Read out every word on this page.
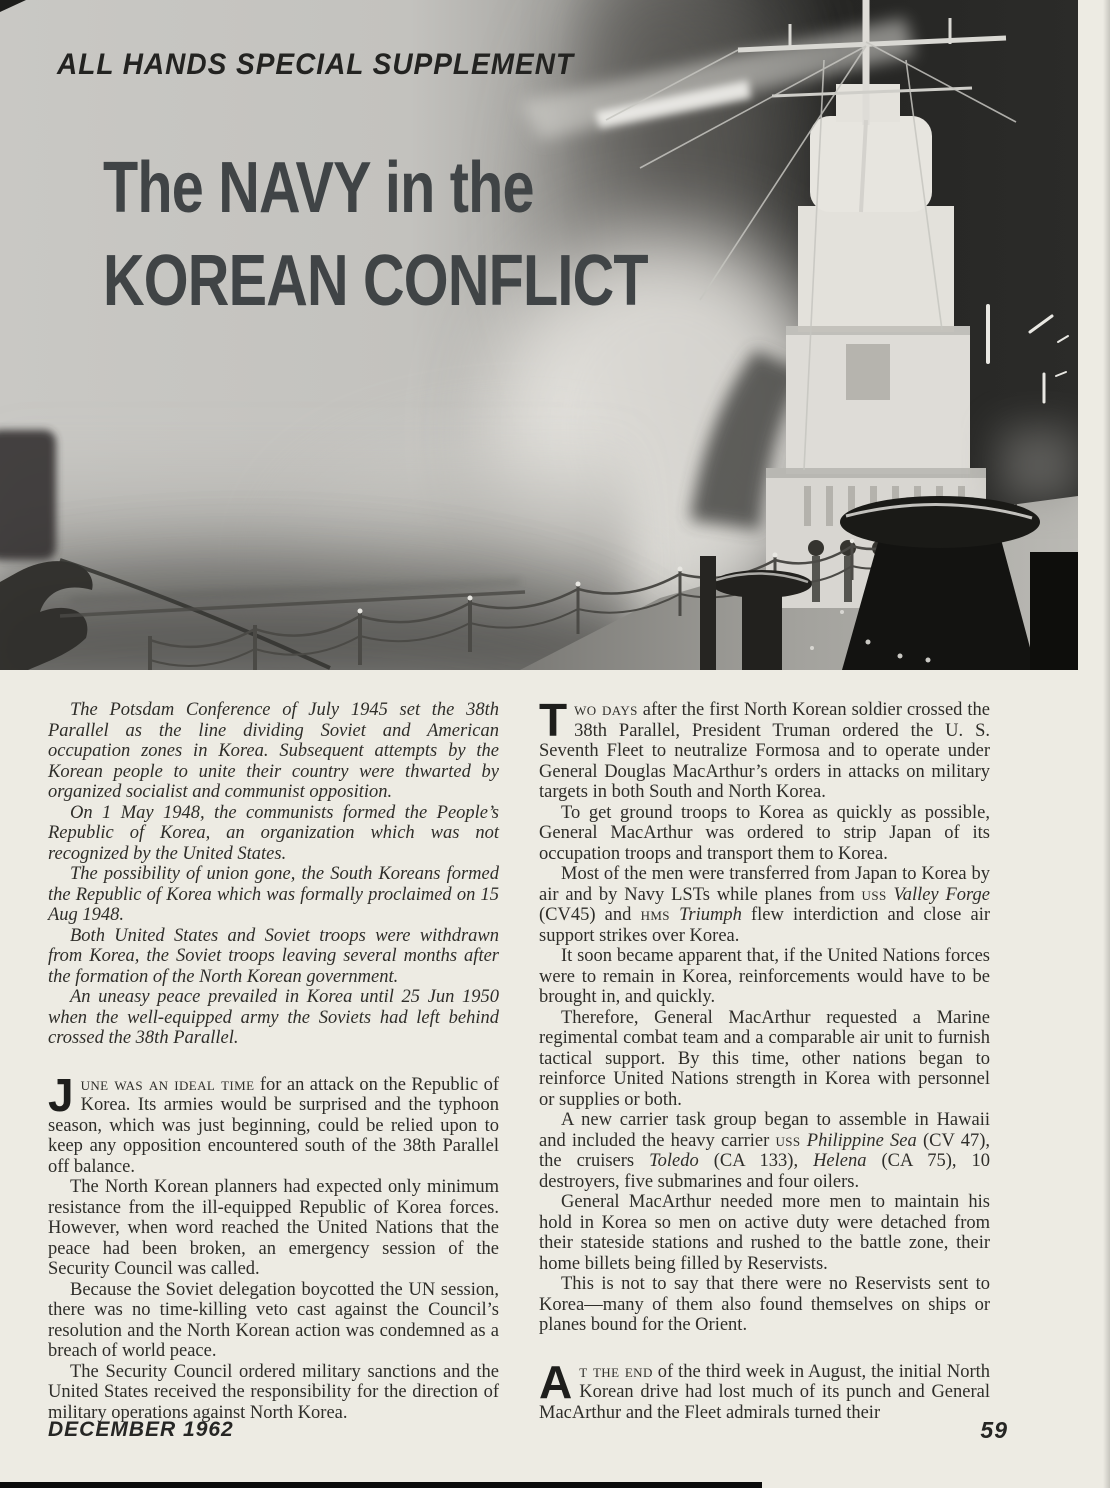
ALL HANDS SPECIAL SUPPLEMENT
The NAVY in the
KOREAN CONFLICT

The Potsdam Conference of July 1945 set the 38th Parallel as the line dividing Soviet and American occupation zones in Korea. Subsequent attempts by the Korean people to unite their country were thwarted by organized socialist and communist opposition.

On 1 May 1948, the communists formed the People’s Republic of Korea, an organization which was not recognized by the United States.

The possibility of union gone, the South Koreans formed the Republic of Korea which was formally proclaimed on 15 Aug 1948.

Both United States and Soviet troops were withdrawn from Korea, the Soviet troops leaving several months after the formation of the North Korean government.

An uneasy peace prevailed in Korea until 25 Jun 1950 when the well-equipped army the Soviets had left behind crossed the 38th Parallel.

June was an ideal time for an attack on the Republic of Korea. Its armies would be surprised and the typhoon season, which was just beginning, could be relied upon to keep any opposition encountered south of the 38th Parallel off balance.

The North Korean planners had expected only minimum resistance from the ill-equipped Republic of Korea forces. However, when word reached the United Nations that the peace had been broken, an emergency session of the Security Council was called.

Because the Soviet delegation boycotted the UN session, there was no time-killing veto cast against the Council’s resolution and the North Korean action was condemned as a breach of world peace.

The Security Council ordered military sanctions and the United States received the responsibility for the direction of military operations against North Korea.

Two days after the first North Korean soldier crossed the 38th Parallel, President Truman ordered the U. S. Seventh Fleet to neutralize Formosa and to operate under General Douglas MacArthur’s orders in attacks on military targets in both South and North Korea.

To get ground troops to Korea as quickly as possible, General MacArthur was ordered to strip Japan of its occupation troops and transport them to Korea.

Most of the men were transferred from Japan to Korea by air and by Navy LSTs while planes from uss Valley Forge (CV45) and hms Triumph flew interdiction and close air support strikes over Korea.

It soon became apparent that, if the United Nations forces were to remain in Korea, reinforcements would have to be brought in, and quickly.

Therefore, General MacArthur requested a Marine regimental combat team and a comparable air unit to furnish tactical support. By this time, other nations began to reinforce United Nations strength in Korea with personnel or supplies or both.

A new carrier task group began to assemble in Hawaii and included the heavy carrier uss Philippine Sea (CV 47), the cruisers Toledo (CA 133), Helena (CA 75), 10 destroyers, five submarines and four oilers.

General MacArthur needed more men to maintain his hold in Korea so men on active duty were detached from their stateside stations and rushed to the battle zone, their home billets being filled by Reservists.

This is not to say that there were no Reservists sent to Korea—many of them also found themselves on ships or planes bound for the Orient.

At the end of the third week in August, the initial North Korean drive had lost much of its punch and General MacArthur and the Fleet admirals turned their

DECEMBER 1962	59
